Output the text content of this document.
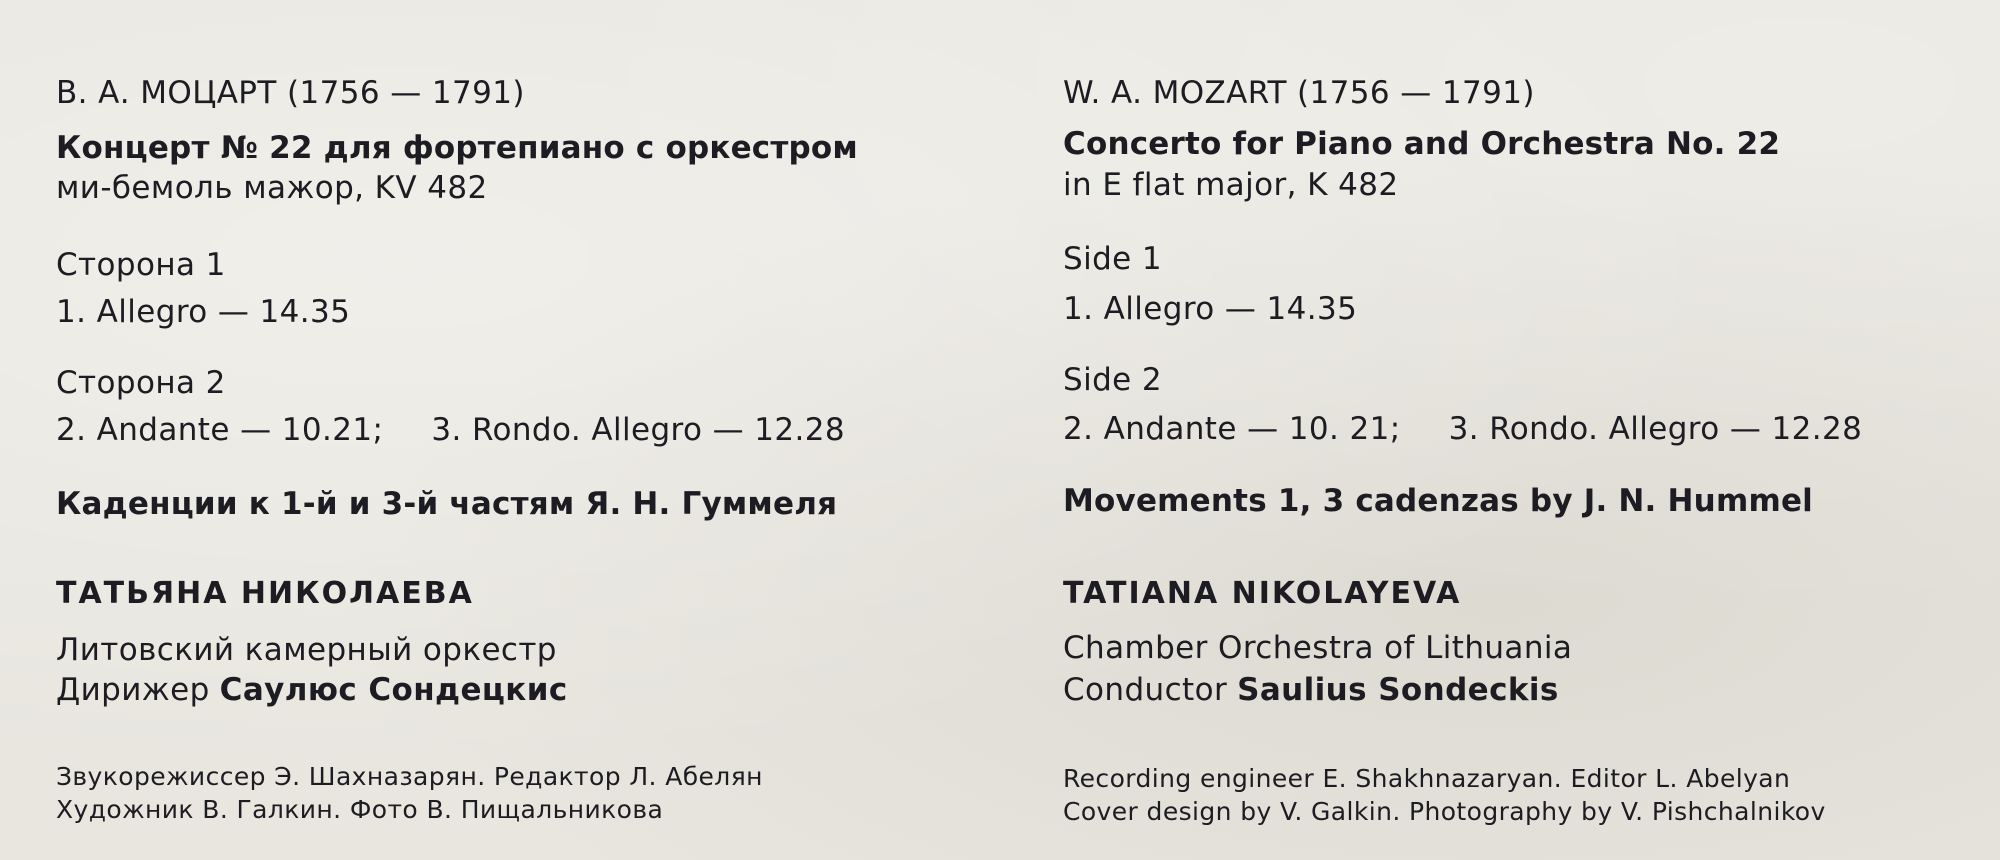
В. А. МОЦАРТ (1756 — 1791)
Концерт № 22 для фортепиано с оркестром
ми-бемоль мажор, KV 482
Сторона 1
1. Allegro — 14.35
Сторона 2
2. Andante — 10.21; 3. Rondo. Allegro — 12.28
Каденции к 1-й и 3-й частям Я. Н. Гуммеля
ТАТЬЯНА НИКОЛАЕВА
Литовский камерный оркестр
Дирижер Саулюс Сондецкис
Звукорежиссер Э. Шахназарян. Редактор Л. Абелян
Художник В. Галкин. Фото В. Пищальникова
W. A. MOZART (1756 — 1791)
Concerto for Piano and Orchestra No. 22
in E flat major, K 482
Side 1
1. Allegro — 14.35
Side 2
2. Andante — 10. 21; 3. Rondo. Allegro — 12.28
Movements 1, 3 cadenzas by J. N. Hummel
TATIANA NIKOLAYEVA
Chamber Orchestra of Lithuania
Conductor Saulius Sondeckis
Recording engineer E. Shakhnazaryan. Editor L. Abelyan
Cover design by V. Galkin. Photography by V. Pishchalnikov
